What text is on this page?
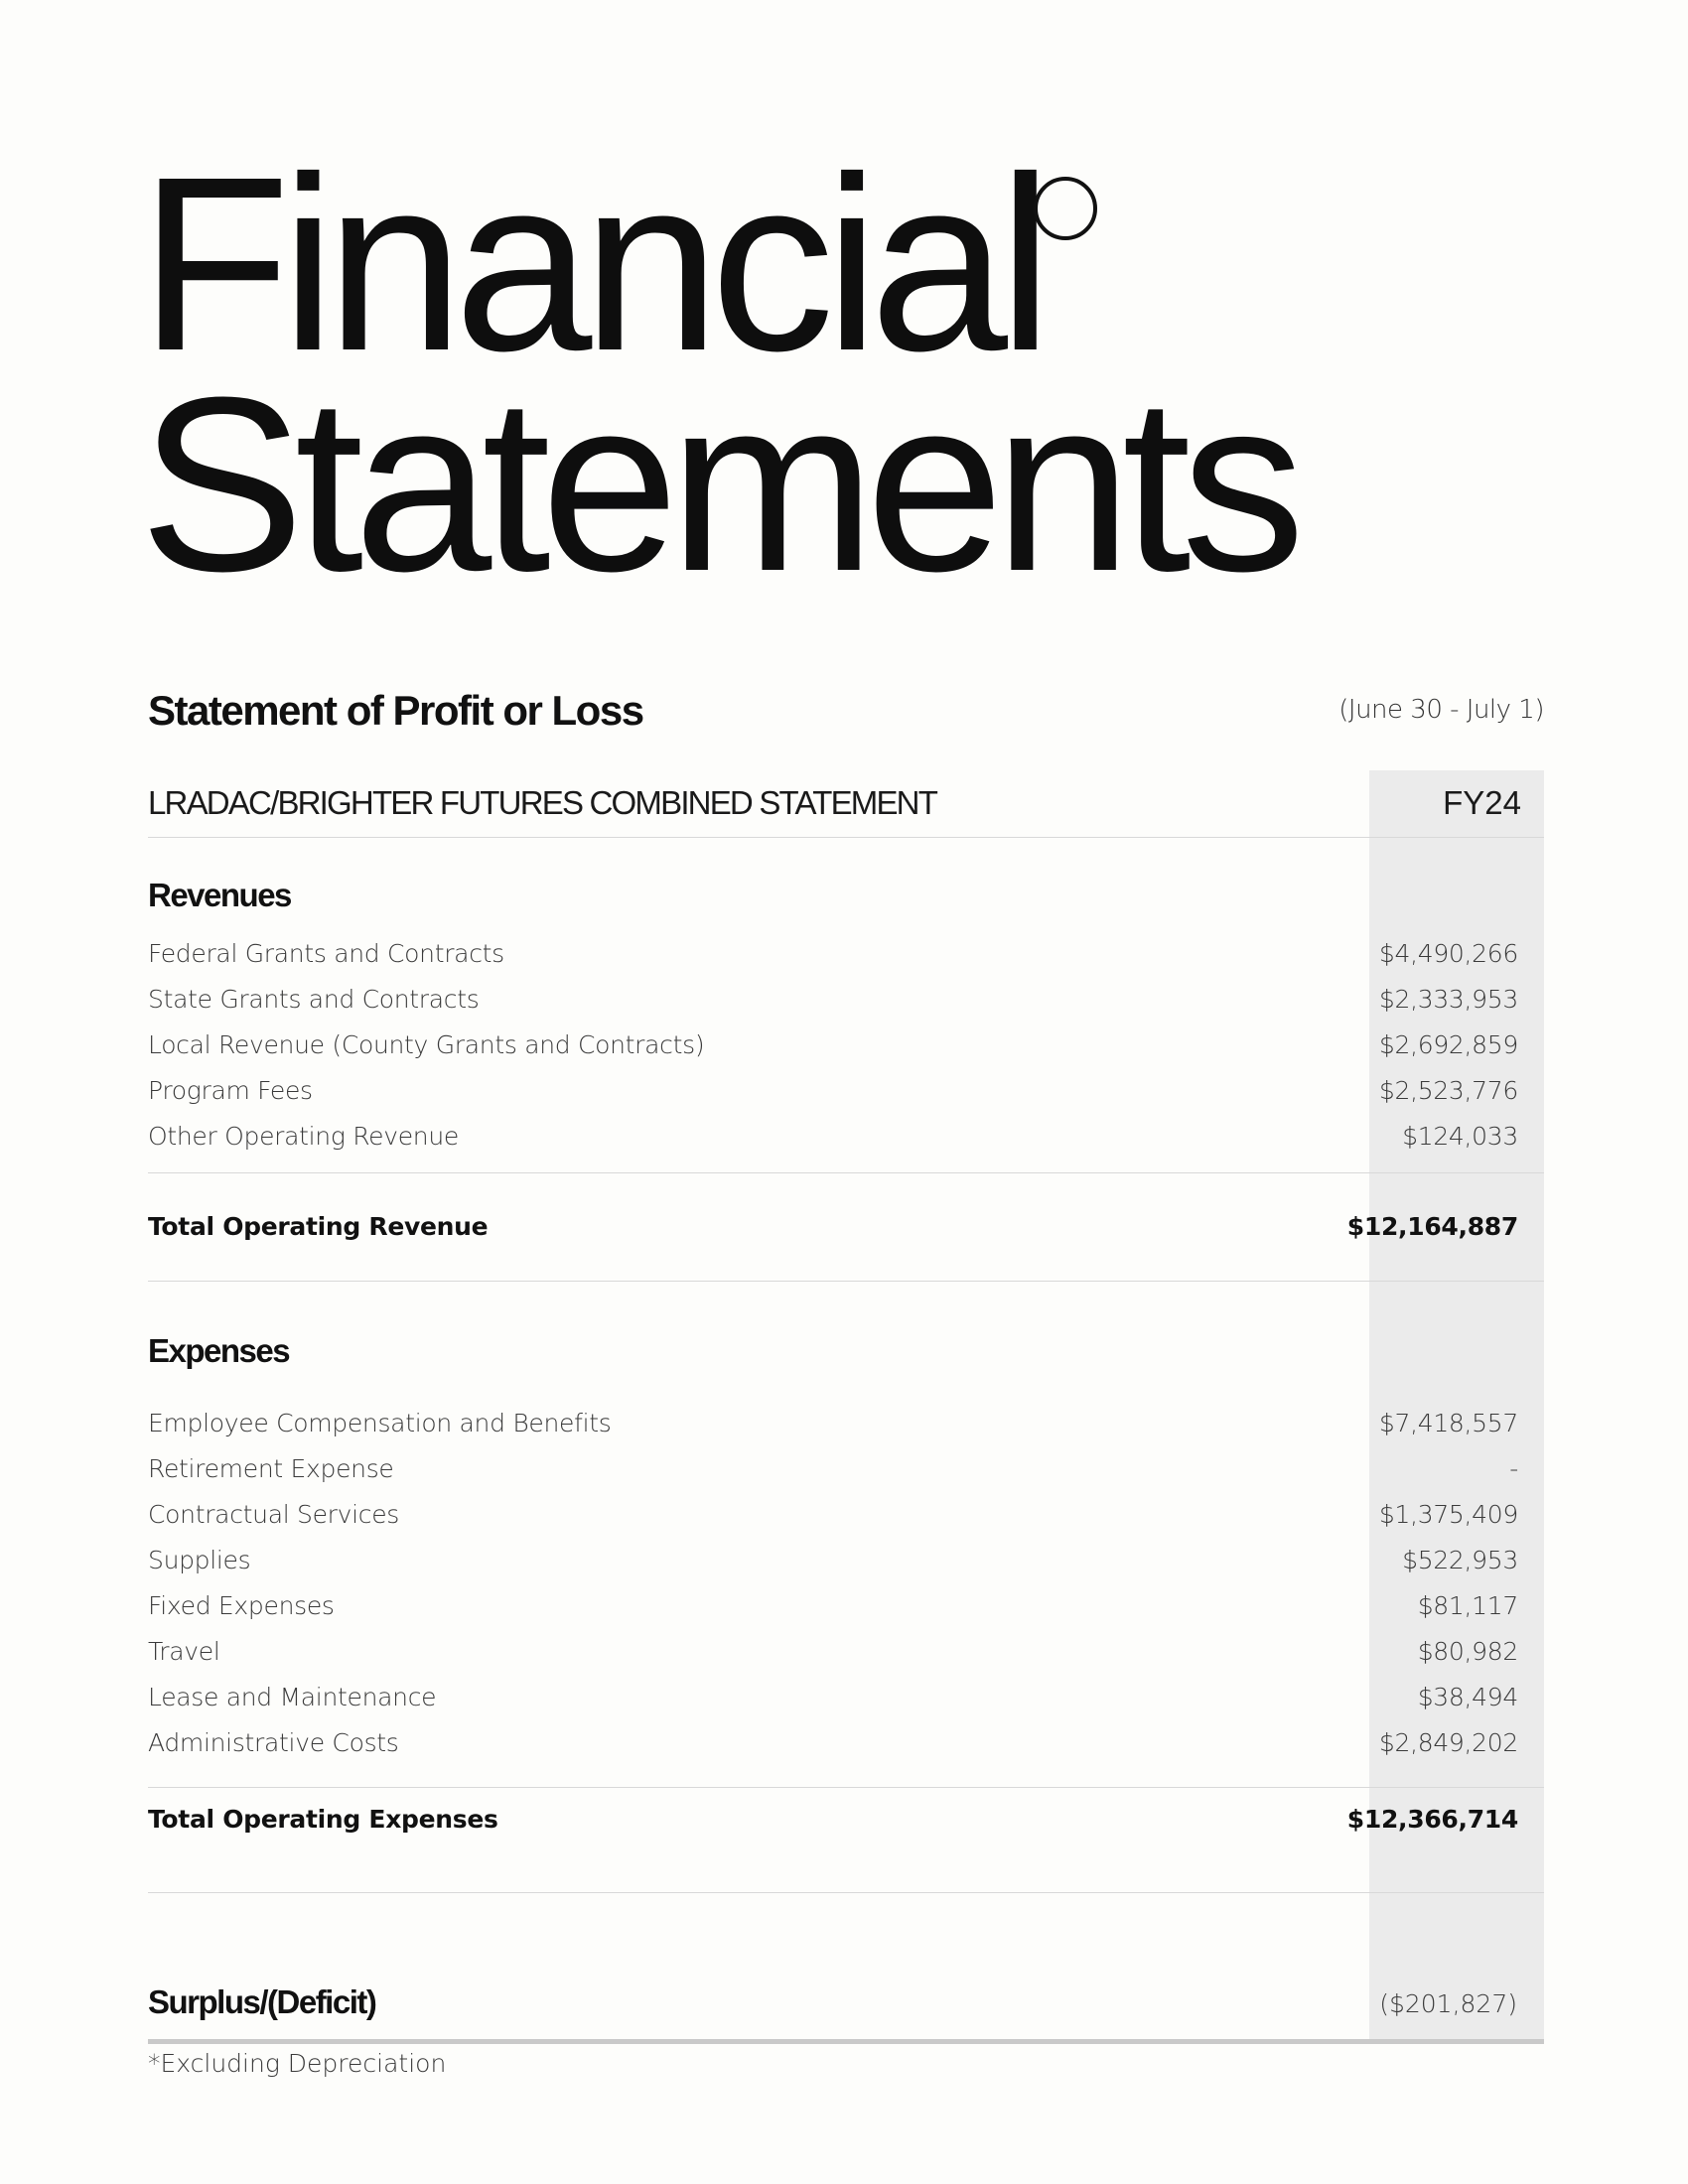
Financial
Statements
Statement of Profit or Loss	(June 30 - July 1)
LRADAC/BRIGHTER FUTURES COMBINED STATEMENT	FY24
Revenues
Federal Grants and Contracts	$4,490,266
State Grants and Contracts	$2,333,953
Local Revenue (County Grants and Contracts)	$2,692,859
Program Fees	$2,523,776
Other Operating Revenue	$124,033
Total Operating Revenue	$12,164,887
Expenses
Employee Compensation and Benefits	$7,418,557
Retirement Expense	-
Contractual Services	$1,375,409
Supplies	$522,953
Fixed Expenses	$81,117
Travel	$80,982
Lease and Maintenance	$38,494
Administrative Costs	$2,849,202
Total Operating Expenses	$12,366,714
Surplus/(Deficit)	($201,827)
*Excluding Depreciation
